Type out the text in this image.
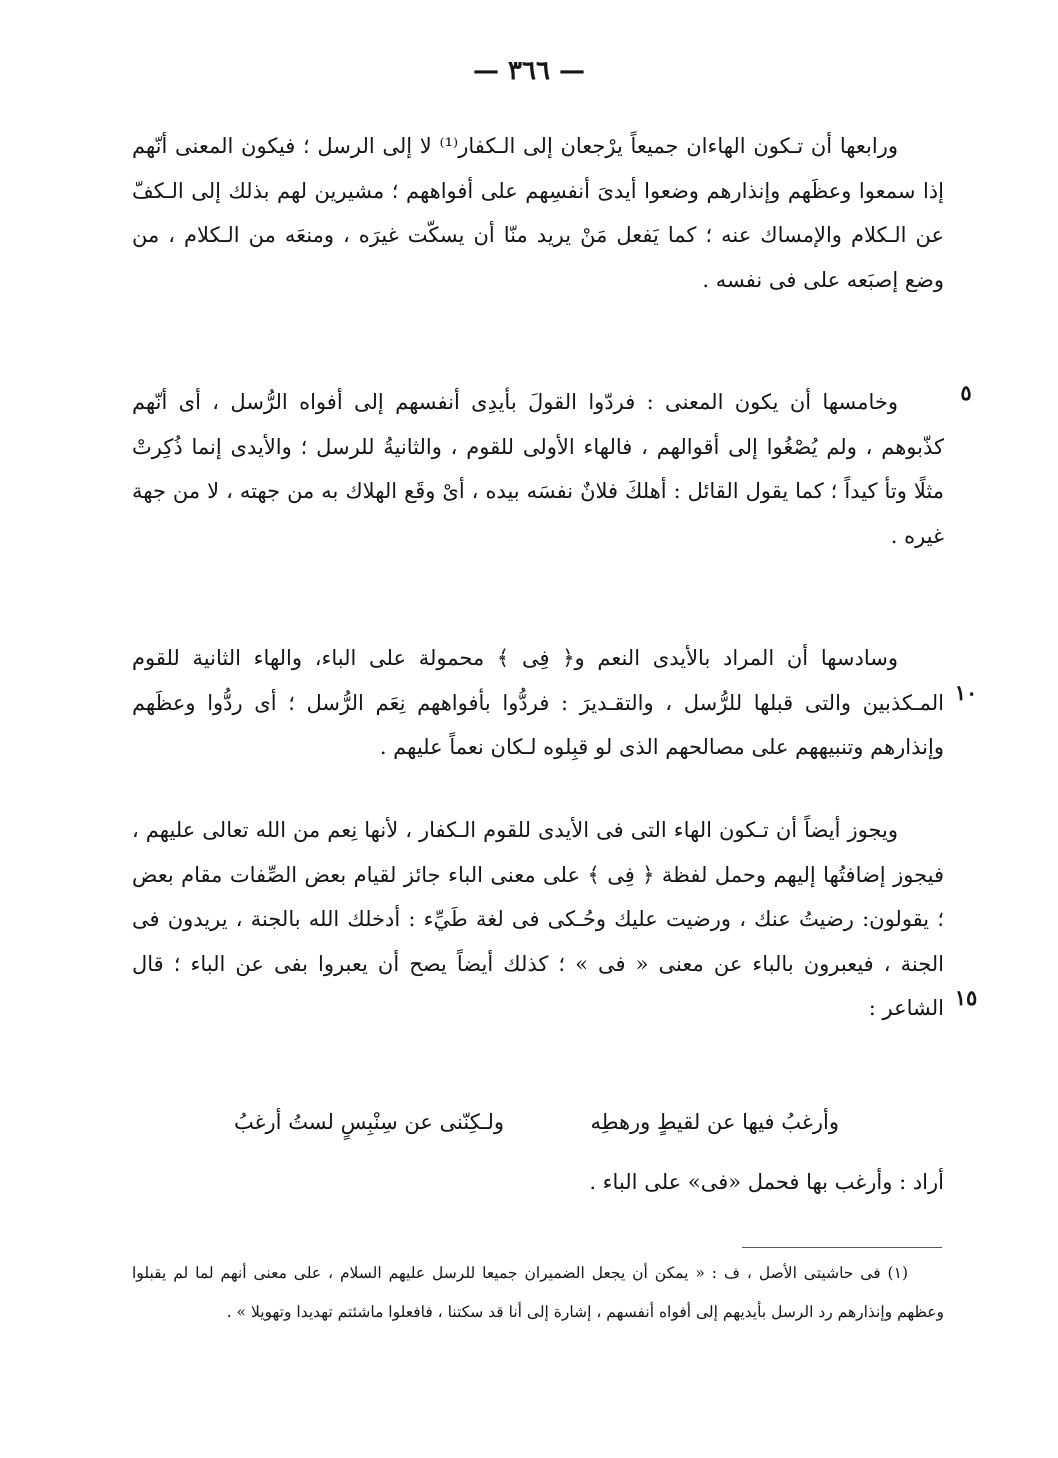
— ٣٦٦ —

ورابعها أن تـكون الهاءان جميعاً يرْجعان إلى الـكفار⁽¹⁾ لا إلى الرسل ؛ فيكون المعنى أنّهم إذا سمعوا وعظَهم وإنذارهم وضعوا أيدىَ أنفسِهم على أفواههم ؛ مشيرين لهم بذلك إلى الـكفّ عن الـكلام والإمساك عنه ؛ كما يَفعل مَنْ يريد منّا أن يسكّت غيرَه ، ومنعَه من الـكلام ، من وضع إصبَعه على فى نفسه .

وخامسها أن يكون المعنى : فردّوا القولَ بأيدِى أنفسهم إلى أفواه الرُّسل ، أى أنّهم كذّبوهم ، ولم يُصْغُوا إلى أقوالهم ، فالهاء الأولى للقوم ، والثانيةُ للرسل ؛ والأيدى إنما ذُكِرتْ مثلًا وتأ كيداً ؛ كما يقول القائل : أهلكَ فلانٌ نفسَه بيده ، أىْ وقَع الهلاك به من جهته ، لا من جهة غيره .

وسادسها أن المراد بالأيدى النعم و﴿ فِى ﴾ محمولة على الباء، والهاء الثانية للقوم المـكذبين والتى قبلها للرُّسل ، والتقـديرَ : فردُّوا بأفواههم نِعَم الرُّسل ؛ أى ردُّوا وعظَهم وإنذارهم وتنبيههم على مصالحهم الذى لو قبِلوه لـكان نعماً عليهم .

ويجوز أيضاً أن تـكون الهاء التى فى الأيدى للقوم الـكفار ، لأنها نِعم من الله تعالى عليهم ، فيجوز إضافتُها إليهم وحمل لفظة ﴿ فِى ﴾ على معنى الباء جائز لقيام بعض الصِّفات مقام بعض ؛ يقولون: رضيتُ عنك ، ورضيت عليك وحُـكى فى لغة طَيِّء : أدخلك الله بالجنة ، يريدون فى الجنة ، فيعبرون بالباء عن معنى « فى » ؛ كذلك أيضاً يصح أن يعبروا بفى عن الباء ؛ قال الشاعر :

وأرغبُ فيها عن لقيطٍ ورهطِه
ولـكِنّنى عن سِنْبِسٍ لستُ أرغبُ

أراد : وأرغب بها فحمل «فى» على الباء .

٥
١٠
١٥

(١) فى حاشيتى الأصل ، ف : « يمكن أن يجعل الضميران جميعا للرسل عليهم السلام ، على معنى أنهم لما لم يقبلوا وعظهم وإنذارهم رد الرسل بأيديهم إلى أفواه أنفسهم ، إشارة إلى أنا قد سكتنا ، فافعلوا ماشئتم تهديدا وتهويلا » .
